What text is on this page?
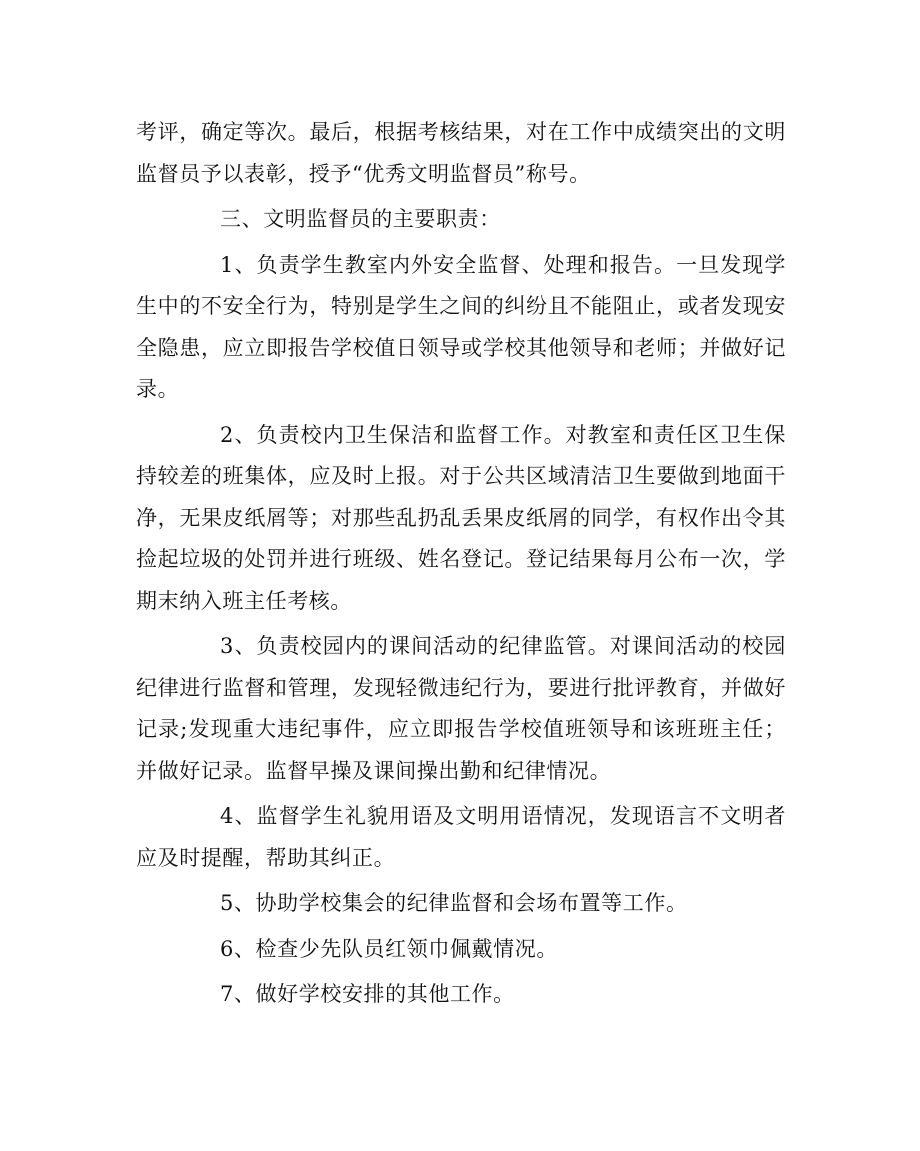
考评，确定等次。最后，根据考核结果，对在工作中成绩突出的文明监督员予以表彰，授予“优秀文明监督员”称号。

三、文明监督员的主要职责：

1、负责学生教室内外安全监督、处理和报告。一旦发现学生中的不安全行为，特别是学生之间的纠纷且不能阻止，或者发现安全隐患，应立即报告学校值日领导或学校其他领导和老师；并做好记录。

2、负责校内卫生保洁和监督工作。对教室和责任区卫生保持较差的班集体，应及时上报。对于公共区域清洁卫生要做到地面干净，无果皮纸屑等；对那些乱扔乱丢果皮纸屑的同学，有权作出令其捡起垃圾的处罚并进行班级、姓名登记。登记结果每月公布一次，学期末纳入班主任考核。

3、负责校园内的课间活动的纪律监管。对课间活动的校园纪律进行监督和管理，发现轻微违纪行为，要进行批评教育，并做好记录;发现重大违纪事件，应立即报告学校值班领导和该班班主任；并做好记录。监督早操及课间操出勤和纪律情况。

4、监督学生礼貌用语及文明用语情况，发现语言不文明者应及时提醒，帮助其纠正。

5、协助学校集会的纪律监督和会场布置等工作。

6、检查少先队员红领巾佩戴情况。

7、做好学校安排的其他工作。
